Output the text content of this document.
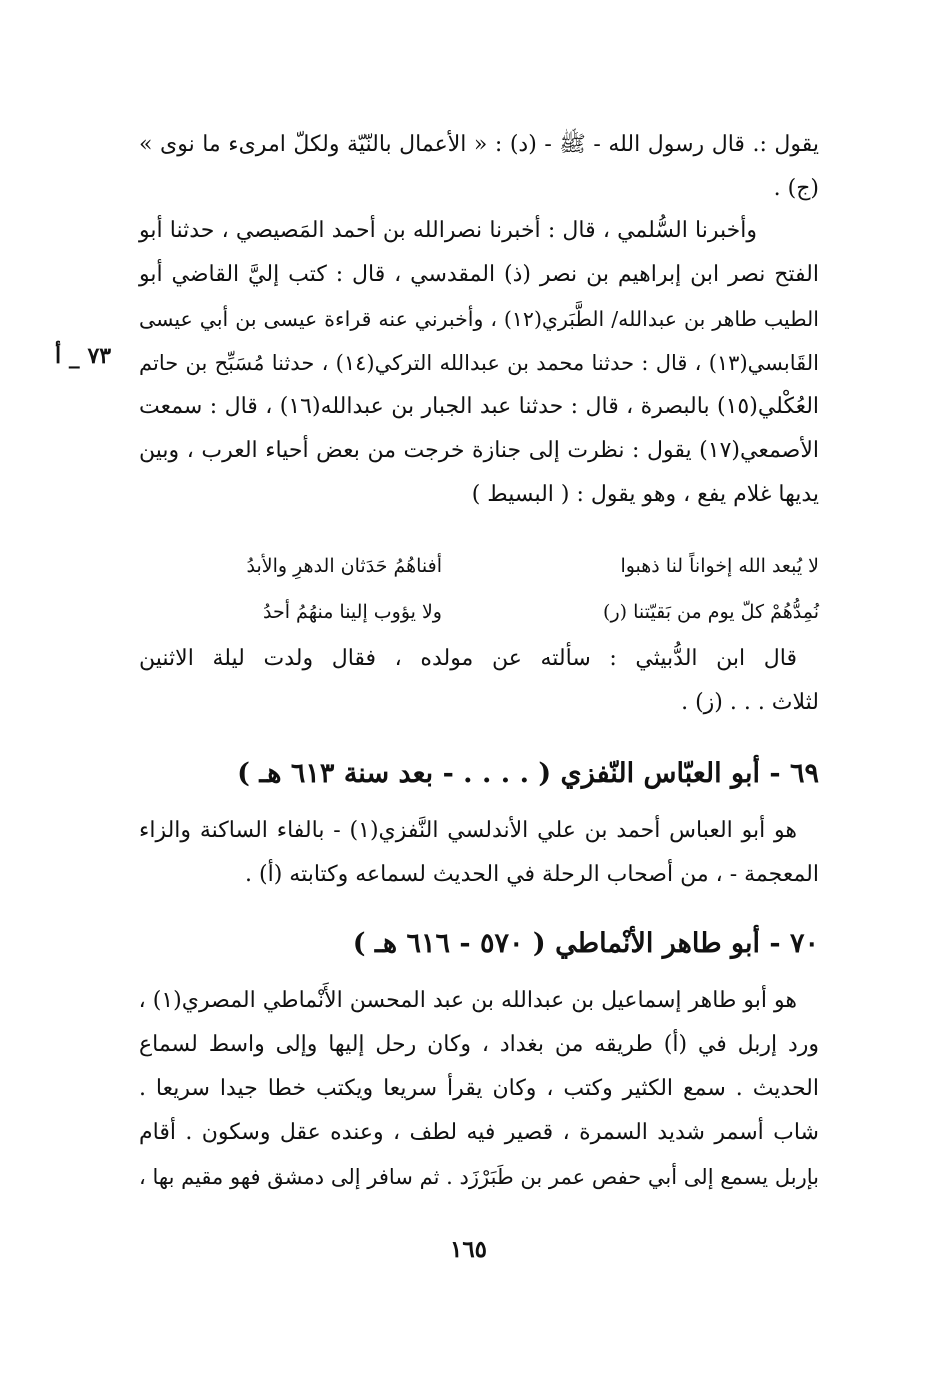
يقول :. قال رسول الله - ﷺ - (د) : « الأعمال بالنّيّة ولكلّ امرىء ما نوى »
(ج) .
وأخبرنا السُّلمي ، قال : أخبرنا نصرالله بن أحمد المَصيصي ، حدثنا أبو
الفتح نصر ابن إبراهيم بن نصر (ذ) المقدسي ، قال : كتب إليَّ القاضي أبو
الطيب طاهر بن عبدالله/ الطَّبَري(١٢) ، وأخبرني عنه قراءة عيسى بن أبي عيسى
القَابسي(١٣) ، قال : حدثنا محمد بن عبدالله التركي(١٤) ، حدثنا مُسَبِّح بن حاتم
العُكْلي(١٥) بالبصرة ، قال : حدثنا عبد الجبار بن عبدالله(١٦) ، قال : سمعت
الأصمعي(١٧) يقول : نظرت إلى جنازة خرجت من بعض أحياء العرب ، وبين
يديها غلام يفع ، وهو يقول : ( البسيط )
٧٣ _ أ
لا يُبعد الله إخواناً لنا ذهبوا
أفناهُمُ حَدَثان الدهرِ والأبدُ
نُمِدُّهُمْ كلّ يوم من بَقيّتنا (ر)
ولا يؤوب إلينا منهُمُ أحدُ
قال ابن الدُّبيثي : سألته عن مولده ، فقال ولدت ليلة الاثنين
لثلاث . . . (ز) .
٦٩ - أبو العبّاس النّفزي ( . . . . - بعد سنة ٦١٣ هـ )
هو أبو العباس أحمد بن علي الأندلسي النَّفزي(١) - بالفاء الساكنة والزاء
المعجمة - ، من أصحاب الرحلة في الحديث لسماعه وكتابته (أ) .
٧٠ - أبو طاهر الأنْماطي ( ٥٧٠ - ٦١٦ هـ )
هو أبو طاهر إسماعيل بن عبدالله بن عبد المحسن الأَنْماطي المصري(١) ،
ورد إربل في (أ) طريقه من بغداد ، وكان رحل إليها وإلى واسط لسماع
الحديث . سمع الكثير وكتب ، وكان يقرأ سريعا ويكتب خطا جيدا سريعا .
شاب أسمر شديد السمرة ، قصير فيه لطف ، وعنده عقل وسكون . أقام
بإربل يسمع إلى أبي حفص عمر بن طَبَرْزَد . ثم سافر إلى دمشق فهو مقيم بها ،
١٦٥
